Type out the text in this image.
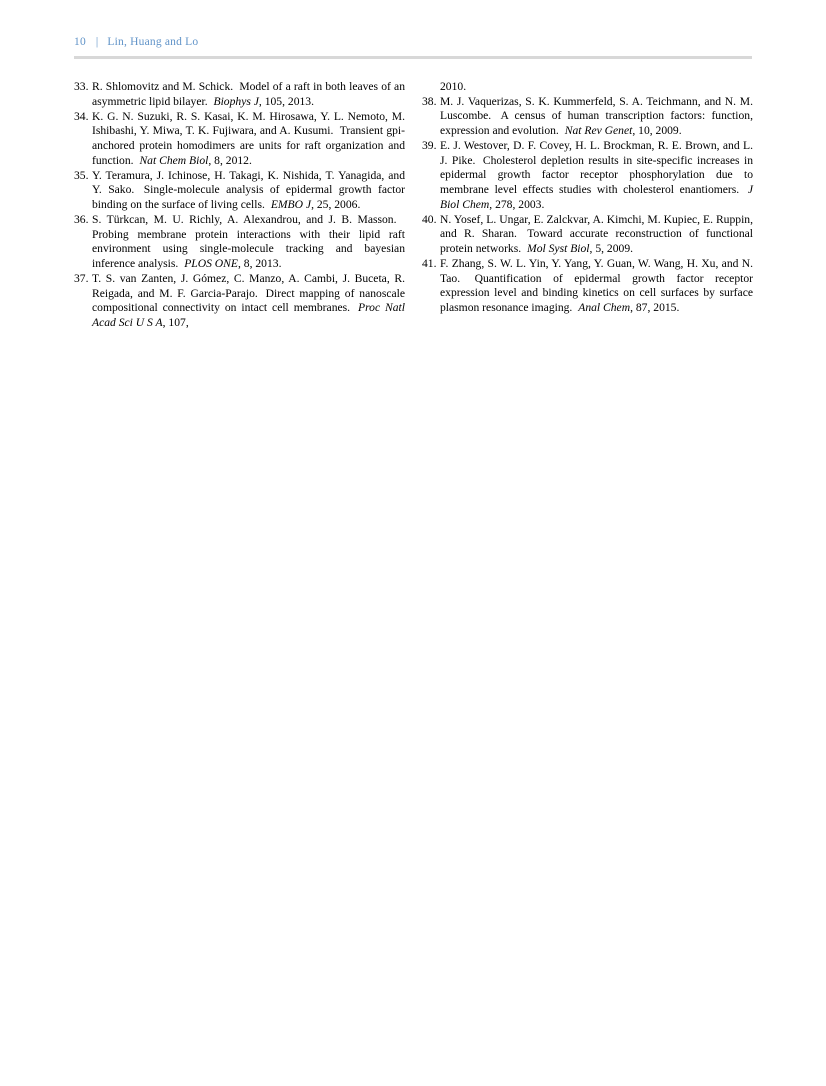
10 | Lin, Huang and Lo
33. R. Shlomovitz and M. Schick. Model of a raft in both leaves of an asymmetric lipid bilayer. Biophys J, 105, 2013.
34. K. G. N. Suzuki, R. S. Kasai, K. M. Hirosawa, Y. L. Nemoto, M. Ishibashi, Y. Miwa, T. K. Fujiwara, and A. Kusumi. Transient gpi-anchored protein homodimers are units for raft organization and function. Nat Chem Biol, 8, 2012.
35. Y. Teramura, J. Ichinose, H. Takagi, K. Nishida, T. Yanagida, and Y. Sako. Single-molecule analysis of epidermal growth factor binding on the surface of living cells. EMBO J, 25, 2006.
36. S. Türkcan, M. U. Richly, A. Alexandrou, and J. B. Masson. Probing membrane protein interactions with their lipid raft environment using single-molecule tracking and bayesian inference analysis. PLOS ONE, 8, 2013.
37. T. S. van Zanten, J. Gómez, C. Manzo, A. Cambi, J. Buceta, R. Reigada, and M. F. Garcia-Parajo. Direct mapping of nanoscale compositional connectivity on intact cell membranes. Proc Natl Acad Sci U S A, 107,
2010.
38. M. J. Vaquerizas, S. K. Kummerfeld, S. A. Teichmann, and N. M. Luscombe. A census of human transcription factors: function, expression and evolution. Nat Rev Genet, 10, 2009.
39. E. J. Westover, D. F. Covey, H. L. Brockman, R. E. Brown, and L. J. Pike. Cholesterol depletion results in site-specific increases in epidermal growth factor receptor phosphorylation due to membrane level effects studies with cholesterol enantiomers. J Biol Chem, 278, 2003.
40. N. Yosef, L. Ungar, E. Zalckvar, A. Kimchi, M. Kupiec, E. Ruppin, and R. Sharan. Toward accurate reconstruction of functional protein networks. Mol Syst Biol, 5, 2009.
41. F. Zhang, S. W. L. Yin, Y. Yang, Y. Guan, W. Wang, H. Xu, and N. Tao. Quantification of epidermal growth factor receptor expression level and binding kinetics on cell surfaces by surface plasmon resonance imaging. Anal Chem, 87, 2015.
